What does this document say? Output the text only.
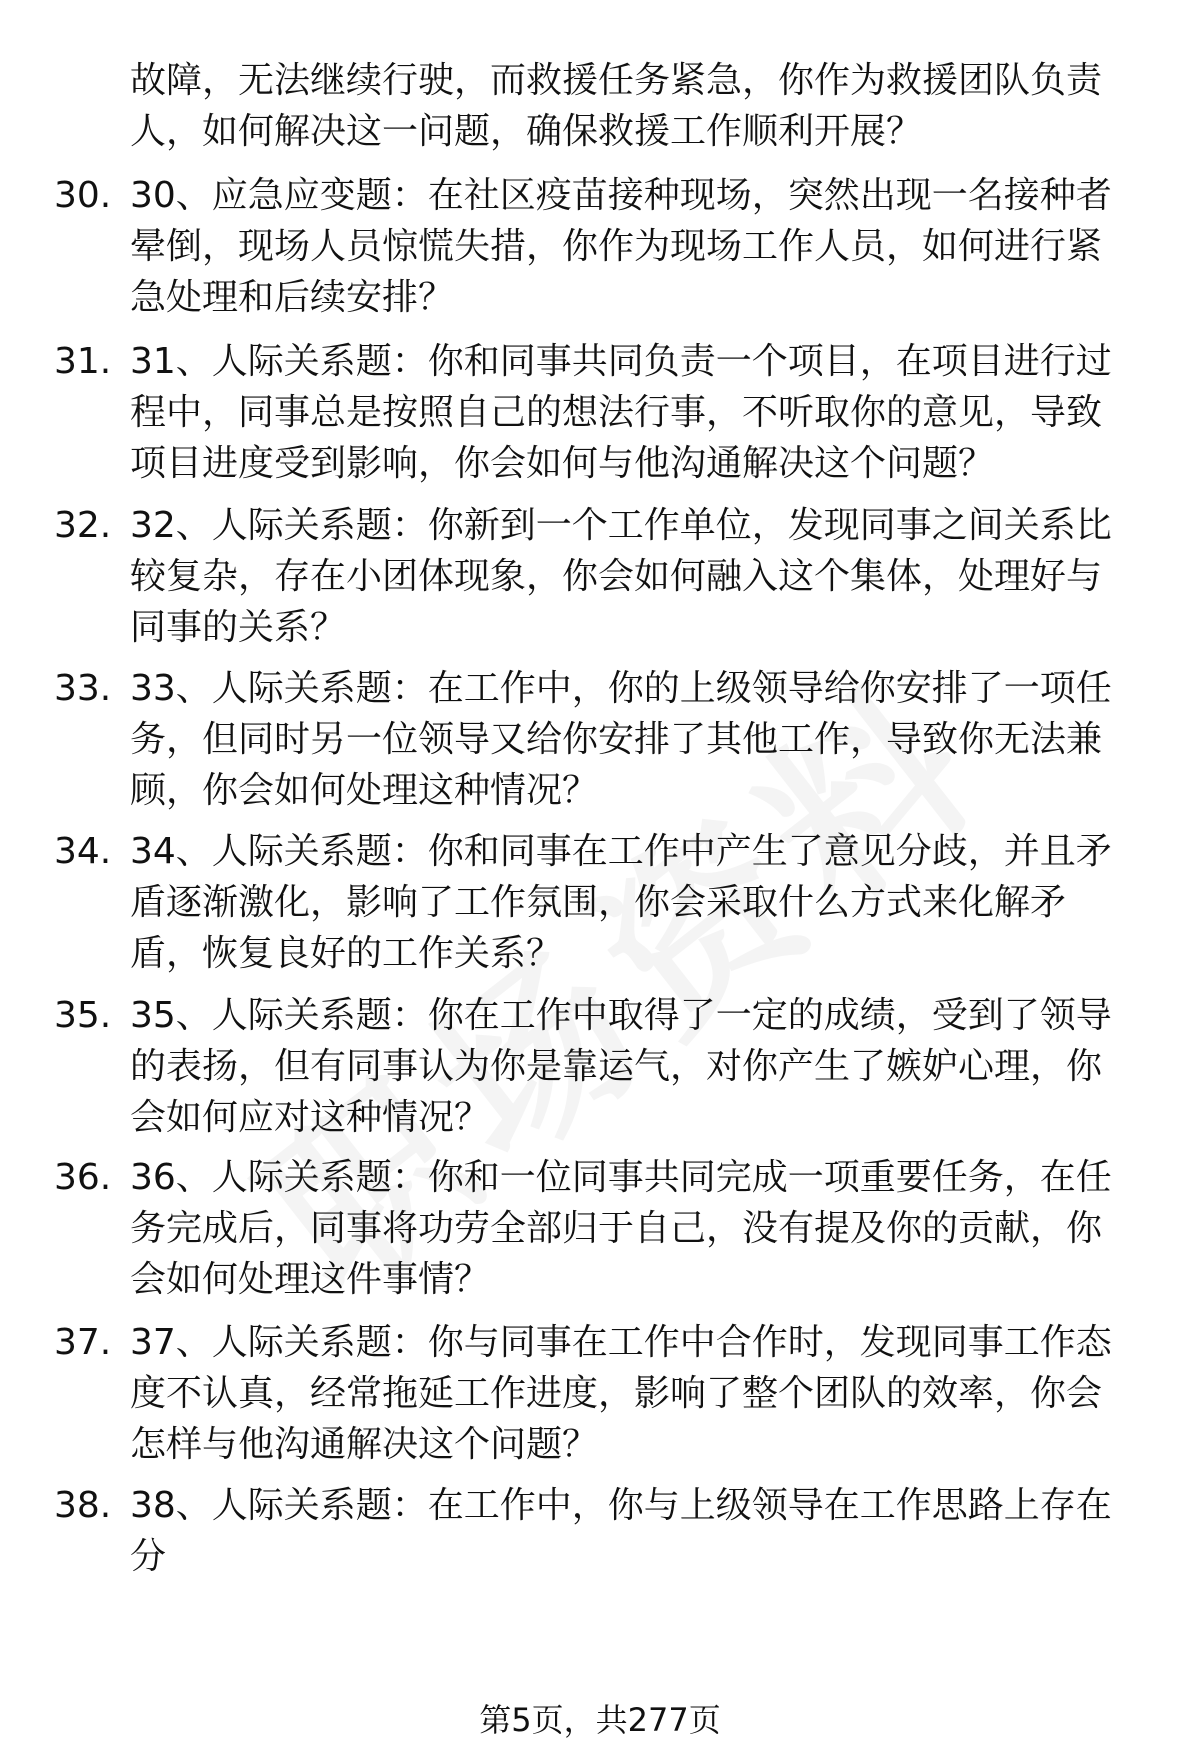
故障，无法继续行驶，而救援任务紧急，你作为救援团队负责人，如何解决这一问题，确保救援工作顺利开展？

30. 30、应急应变题：在社区疫苗接种现场，突然出现一名接种者晕倒，现场人员惊慌失措，你作为现场工作人员，如何进行紧急处理和后续安排？

31. 31、人际关系题：你和同事共同负责一个项目，在项目进行过程中，同事总是按照自己的想法行事，不听取你的意见，导致项目进度受到影响，你会如何与他沟通解决这个问题？

32. 32、人际关系题：你新到一个工作单位，发现同事之间关系比较复杂，存在小团体现象，你会如何融入这个集体，处理好与同事的关系？

33. 33、人际关系题：在工作中，你的上级领导给你安排了一项任务，但同时另一位领导又给你安排了其他工作，导致你无法兼顾，你会如何处理这种情况？

34. 34、人际关系题：你和同事在工作中产生了意见分歧，并且矛盾逐渐激化，影响了工作氛围，你会采取什么方式来化解矛盾，恢复良好的工作关系？

35. 35、人际关系题：你在工作中取得了一定的成绩，受到了领导的表扬，但有同事认为你是靠运气，对你产生了嫉妒心理，你会如何应对这种情况？

36. 36、人际关系题：你和一位同事共同完成一项重要任务，在任务完成后，同事将功劳全部归于自己，没有提及你的贡献，你会如何处理这件事情？

37. 37、人际关系题：你与同事在工作中合作时，发现同事工作态度不认真，经常拖延工作进度，影响了整个团队的效率，你会怎样与他沟通解决这个问题？

38. 38、人际关系题：在工作中，你与上级领导在工作思路上存在分

第5页，共277页
